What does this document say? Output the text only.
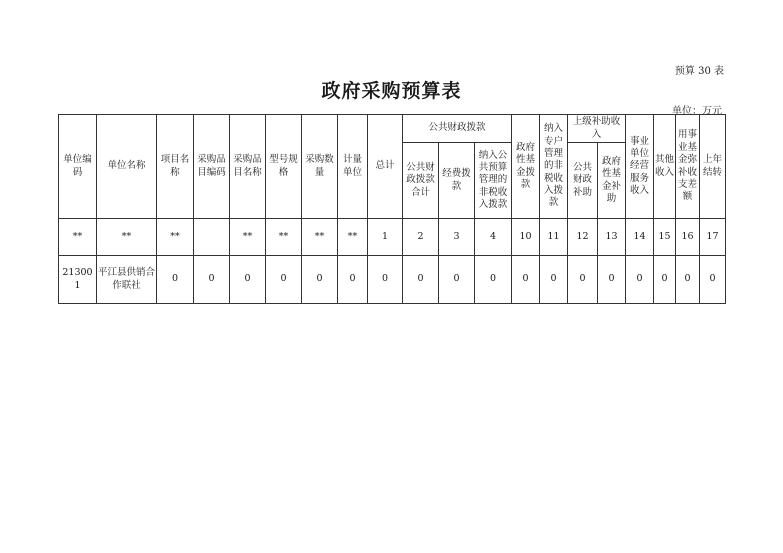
预算 30 表
政府采购预算表
单位：万元
单位编码	单位名称	项目名称	采购品目编码	采购品目名称	型号规格	采购数量	计量单位	总计	公共财政拨款			政府性基金拨款	纳入专户管理的非税收入拨款	上级补助收入		事业单位经营服务收入	其他收入	用事业基金弥补收支差额	上年结转
									公共财政拨款合计	经费拨款	纳入公共预算管理的非税收入拨款			公共财政补助	政府性基金补助				
**	**	**		**	**	**	**	1	2	3	4	10	11	12	13	14	15	16	17
213001	平江县供销合作联社	0	0	0	0	0	0	0	0	0	0	0	0	0	0	0	0	0	0
